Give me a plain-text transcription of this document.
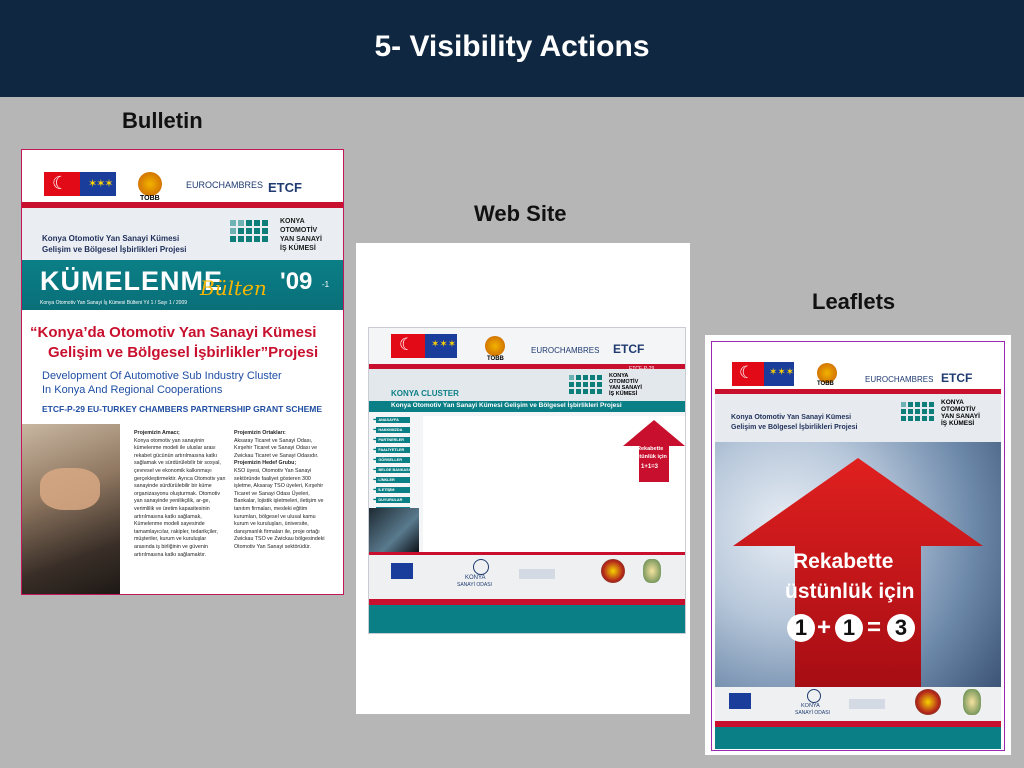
5- Visibility Actions
Bulletin
Web Site
Leaflets
☾ ✶✶✶
TOBB
EUROCHAMBRES ETCF
Konya Otomotiv Yan Sanayi Kümesi
Gelişim ve Bölgesel İşbirlikleri Projesi
KONYA
OTOMOTİV
YAN SANAYİ
İŞ KÜMESİ
KÜMELENME
Bülten '09 -1
Konya Otomotiv Yan Sanayi İş Kümesi Bülteni Yıl 1 / Sayı 1 / 2009
“Konya’da Otomotiv Yan Sanayi Kümesi
Gelişim ve Bölgesel İşbirlikler”Projesi
Development Of Automotive Sub Industry Cluster
In Konya And Regional Cooperations
ETCF-P-29 EU-TURKEY CHAMBERS PARTNERSHIP GRANT SCHEME
Projemizin Amacı;
Konya otomotiv yan sanayinin kümelenme modeli ile uluslar arası rekabet gücünün artırılmasına katkı sağlamak ve sürdürülebilir bir sosyal, çevresel ve ekonomik kalkınmayı gerçekleştirmektir. Ayrıca Otomotiv yan sanayinde sürdürülebilir bir küme organizasyonu oluşturmak. Otomotiv yan sanayinde yenilikçilik, ar-ge, verimlilik ve üretim kapasitesinin artırılmasına katkı sağlamak, Kümelenme modeli sayesinde tamamlayıcılar, rakipler, tedarikçiler, müşteriler, kurum ve kuruluşlar arasında iş birliğinin ve güvenin artırılmasına katkı sağlamaktır.
Projemizin Ortakları:
Aksaray Ticaret ve Sanayi Odası, Kırşehir Ticaret ve Sanayi Odası ve Zwickau Ticaret ve Sanayi Odasıdır.
Projemizin Hedef Grubu;
KSO üyesi, Otomotiv Yan Sanayi sektöründe faaliyet gösteren 300 işletme, Aksaray TSO üyeleri, Kırşehir Ticaret ve Sanayi Odası Üyeleri, Bankalar, lojistik işletmeleri, iletişim ve tanıtım firmaları, mesleki eğitim kurumları, bölgesel ve ulusal kamu kurum ve kuruluşları, üniversite, danışmanlık firmaları ile, proje ortağı Zwickau TSO ve Zwickau bölgesindeki Otomotiv Yan Sanayi sektörüdür.
☾ ✶✶✶
TOBB
EUROCHAMBRES ETCF
KONYA CLUSTER
KONYA
OTOMOTİV
YAN SANAYİ
İŞ KÜMESİ
Konya Otomotiv Yan Sanayi Kümesi Gelişim ve Bölgesel İşbirlikleri Projesi
▪▪▪ ANASAYFA
▪▪▪ HAKKIMIZDA
▪▪▪ PARTNERLER
▪▪▪ FAALİYETLER
▪▪▪ GÖRSELLER
▪▪▪ BELGE BANKASI
▪▪▪ LİNKLER
▪▪▪ İLETİŞİM
▪▪▪ DUYURULAR
Rekabette
üstünlük için
1+1=3
KONYA
SANAYİ ODASI
☾ ✶✶✶
TOBB	EUROCHAMBRES ETCF
Konya Otomotiv Yan Sanayi Kümesi
Gelişim ve Bölgesel İşbirlikleri Projesi
KONYA
OTOMOTİV
YAN SANAYİ
İŞ KÜMESİ
Rekabette
üstünlük için
1 + 1 = 3
KONYA
SANAYİ ODASI
